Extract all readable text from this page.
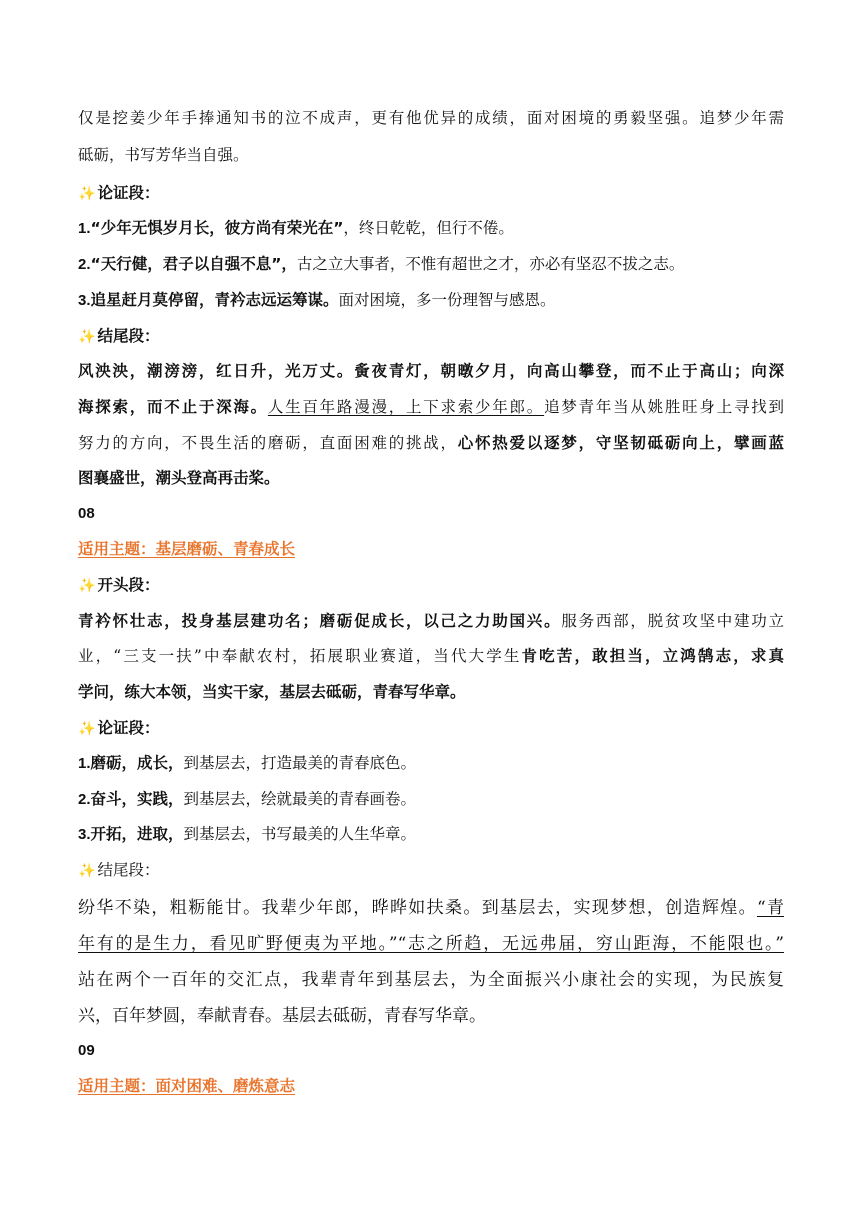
仅是挖姜少年手捧通知书的泣不成声，更有他优异的成绩，面对困境的勇毅坚强。追梦少年需
砥砺，书写芳华当自强。
✨ 论证段：
1.“少年无惧岁月长，彼方尚有荣光在”，终日乾乾，但行不倦。
2.“天行健，君子以自强不息”，古之立大事者，不惟有超世之才，亦必有坚忍不拔之志。
3.追星赶月莫停留，青衿志远运筹谋。面对困境，多一份理智与感恩。
✨ 结尾段：
风泱泱，潮滂滂，红日升，光万丈。夤夜青灯，朝暾夕月，向高山攀登，而不止于高山；向深
海探索，而不止于深海。人生百年路漫漫，上下求索少年郎。追梦青年当从姚胜旺身上寻找到
努力的方向，不畏生活的磨砺，直面困难的挑战，心怀热爱以逐梦，守坚韧砥砺向上，擘画蓝
图襄盛世，潮头登高再击桨。
08
适用主题：基层磨砺、青春成长
✨ 开头段：
青衿怀壮志，投身基层建功名；磨砺促成长，以己之力助国兴。服务西部，脱贫攻坚中建功立
业，“三支一扶”中奉献农村，拓展职业赛道，当代大学生肯吃苦，敢担当，立鸿鹄志，求真
学问，练大本领，当实干家，基层去砥砺，青春写华章。
✨ 论证段：
1.磨砺，成长，到基层去，打造最美的青春底色。
2.奋斗，实践，到基层去，绘就最美的青春画卷。
3.开拓，进取，到基层去，书写最美的人生华章。
✨ 结尾段：
纷华不染，粗粝能甘。我辈少年郎，晔晔如扶桑。到基层去，实现梦想，创造辉煌。“青
年有的是生力，看见旷野便夷为平地。”“志之所趋，无远弗届，穷山距海，不能限也。”
站在两个一百年的交汇点，我辈青年到基层去，为全面振兴小康社会的实现，为民族复
兴，百年梦圆，奉献青春。基层去砥砺，青春写华章。
09
适用主题：面对困难、磨炼意志
